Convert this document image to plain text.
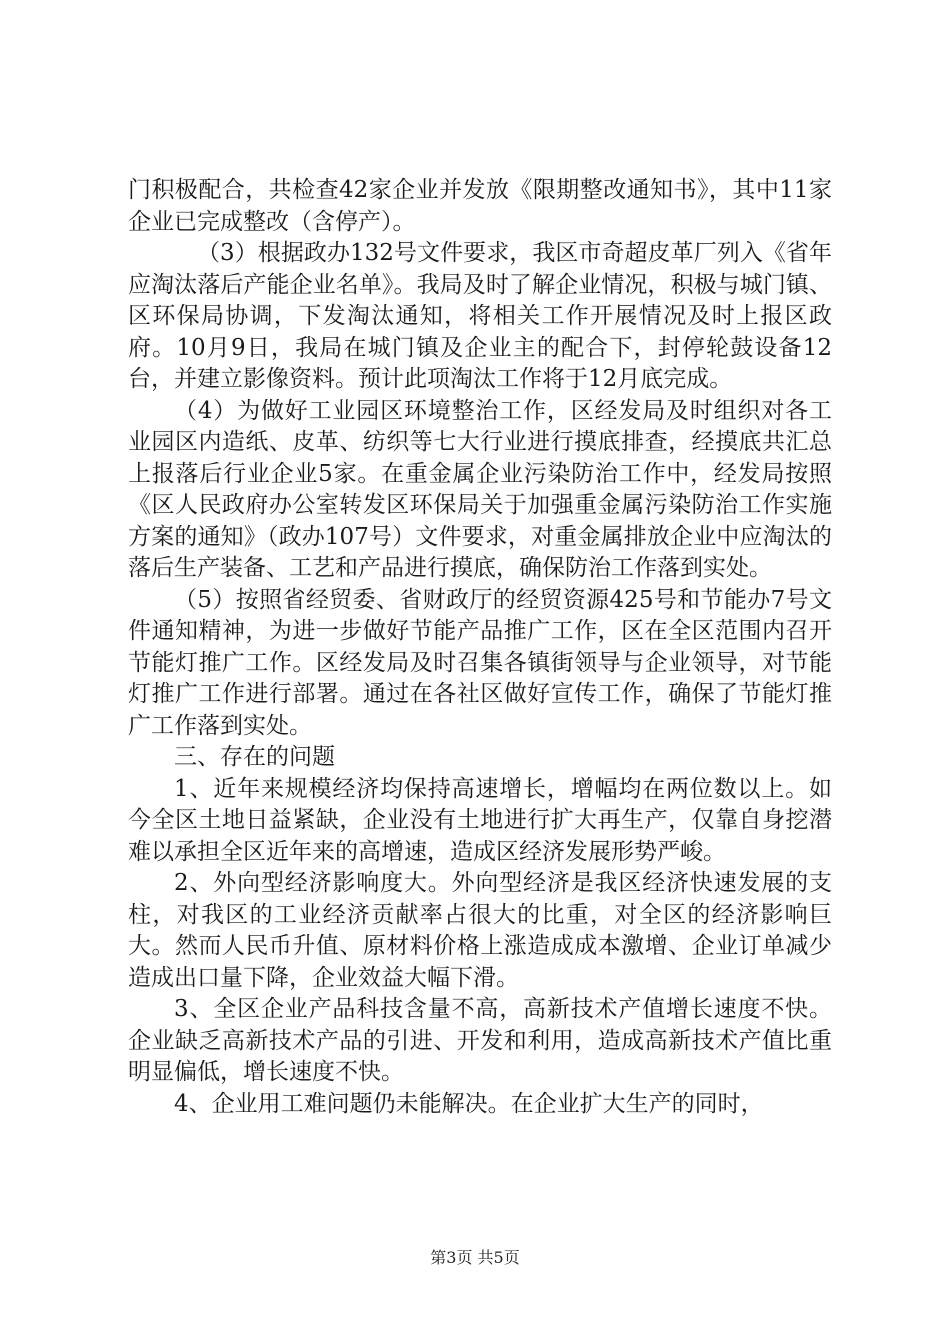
门积极配合，共检查42家企业并发放《限期整改通知书》，其中11家企业已完成整改（含停产）。

（3）根据政办132号文件要求，我区市奇超皮革厂列入《省年应淘汰落后产能企业名单》。我局及时了解企业情况，积极与城门镇、区环保局协调，下发淘汰通知，将相关工作开展情况及时上报区政府。10月9日，我局在城门镇及企业主的配合下，封停轮鼓设备12台，并建立影像资料。预计此项淘汰工作将于12月底完成。

（4）为做好工业园区环境整治工作，区经发局及时组织对各工业园区内造纸、皮革、纺织等七大行业进行摸底排查，经摸底共汇总上报落后行业企业5家。在重金属企业污染防治工作中，经发局按照《区人民政府办公室转发区环保局关于加强重金属污染防治工作实施方案的通知》（政办107号）文件要求，对重金属排放企业中应淘汰的落后生产装备、工艺和产品进行摸底，确保防治工作落到实处。

（5）按照省经贸委、省财政厅的经贸资源425号和节能办7号文件通知精神，为进一步做好节能产品推广工作，区在全区范围内召开节能灯推广工作。区经发局及时召集各镇街领导与企业领导，对节能灯推广工作进行部署。通过在各社区做好宣传工作，确保了节能灯推广工作落到实处。

三、存在的问题

1、近年来规模经济均保持高速增长，增幅均在两位数以上。如今全区土地日益紧缺，企业没有土地进行扩大再生产，仅靠自身挖潜难以承担全区近年来的高增速，造成区经济发展形势严峻。

2、外向型经济影响度大。外向型经济是我区经济快速发展的支柱，对我区的工业经济贡献率占很大的比重，对全区的经济影响巨大。然而人民币升值、原材料价格上涨造成成本激增、企业订单减少造成出口量下降，企业效益大幅下滑。

3、全区企业产品科技含量不高，高新技术产值增长速度不快。企业缺乏高新技术产品的引进、开发和利用，造成高新技术产值比重明显偏低，增长速度不快。

4、企业用工难问题仍未能解决。在企业扩大生产的同时，

第3页 共5页
